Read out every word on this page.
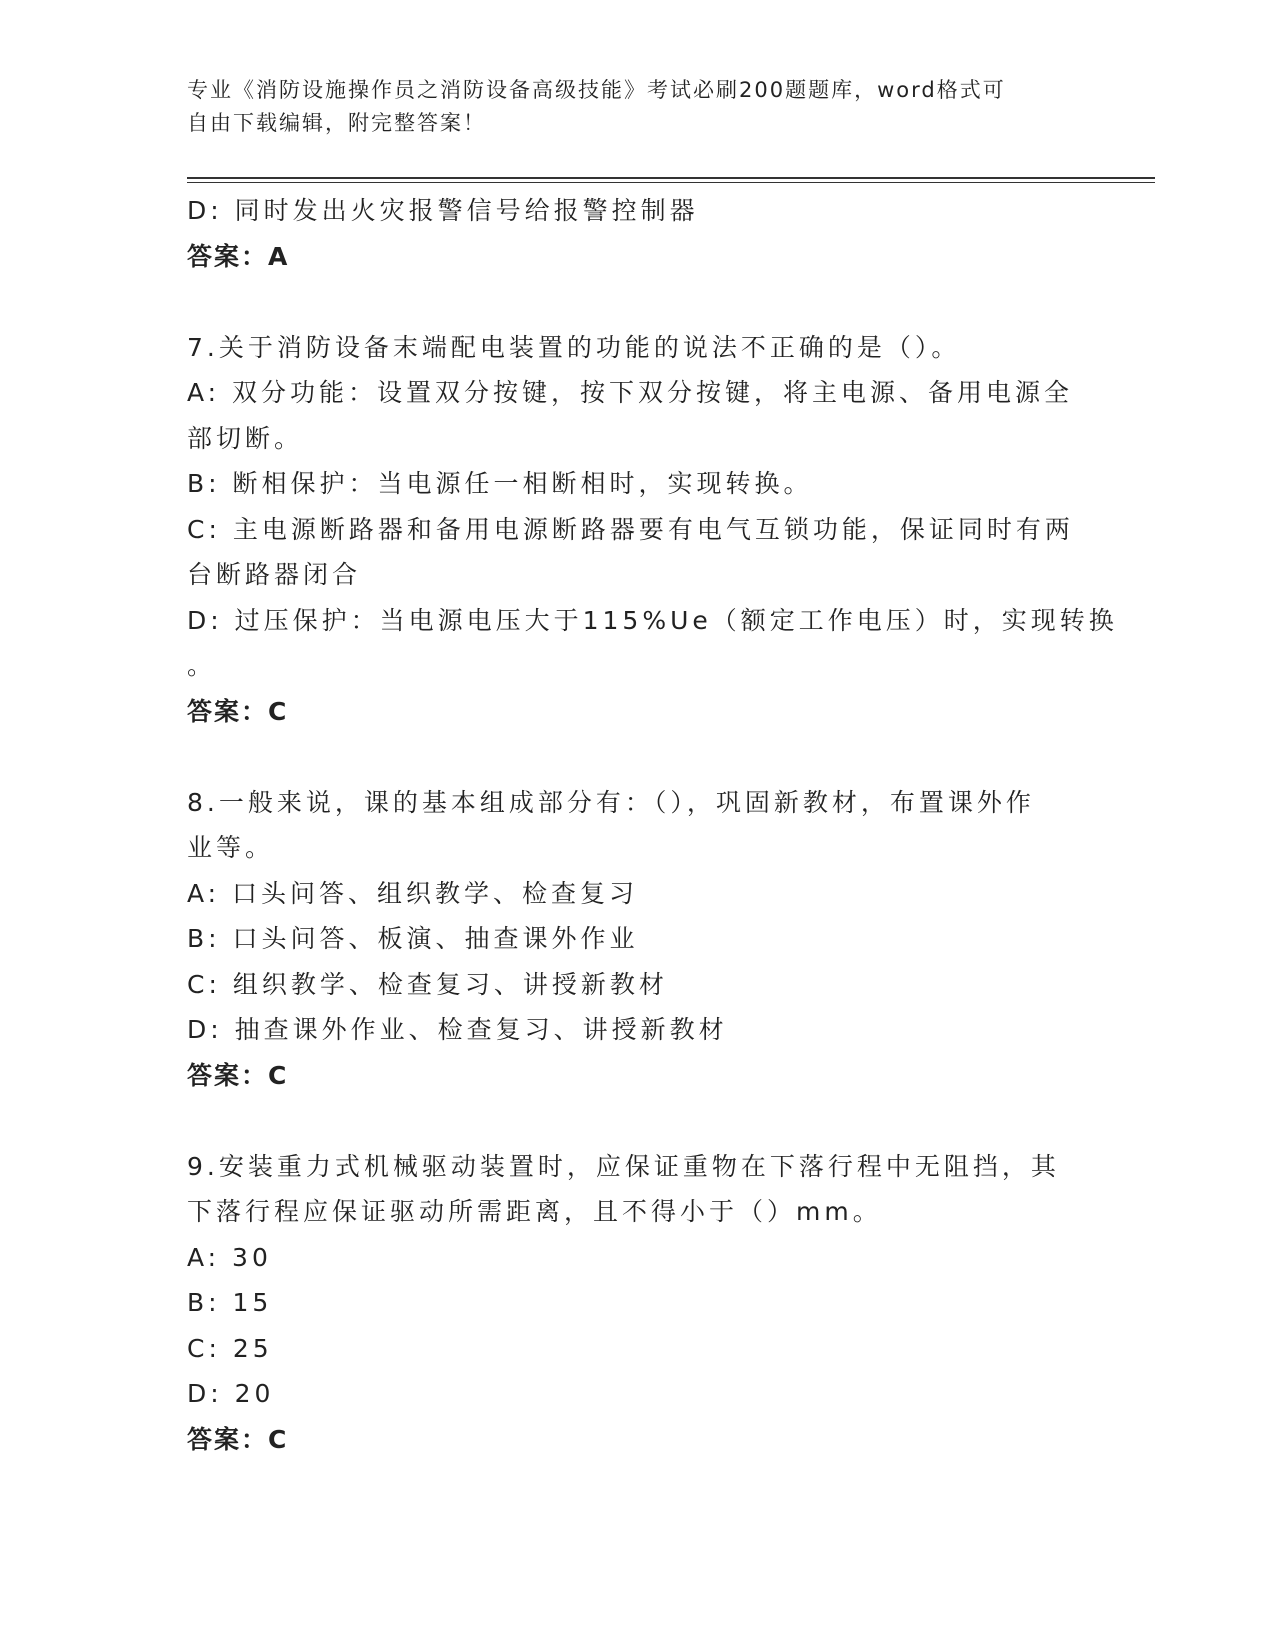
专业《消防设施操作员之消防设备高级技能》考试必刷200题题库，word格式可
自由下载编辑，附完整答案！
D: 同时发出火灾报警信号给报警控制器
答案：A
7.关于消防设备末端配电装置的功能的说法不正确的是（）。
A: 双分功能：设置双分按键，按下双分按键，将主电源、备用电源全
部切断。
B: 断相保护：当电源任一相断相时，实现转换。
C: 主电源断路器和备用电源断路器要有电气互锁功能，保证同时有两
台断路器闭合
D: 过压保护：当电源电压大于115%Ue（额定工作电压）时，实现转换
。
答案：C
8.一般来说，课的基本组成部分有：（），巩固新教材，布置课外作
业等。
A: 口头问答、组织教学、检查复习
B: 口头问答、板演、抽查课外作业
C: 组织教学、检查复习、讲授新教材
D: 抽查课外作业、检查复习、讲授新教材
答案：C
9.安装重力式机械驱动装置时，应保证重物在下落行程中无阻挡，其
下落行程应保证驱动所需距离，且不得小于（）mm。
A: 30
B: 15
C: 25
D: 20
答案：C
